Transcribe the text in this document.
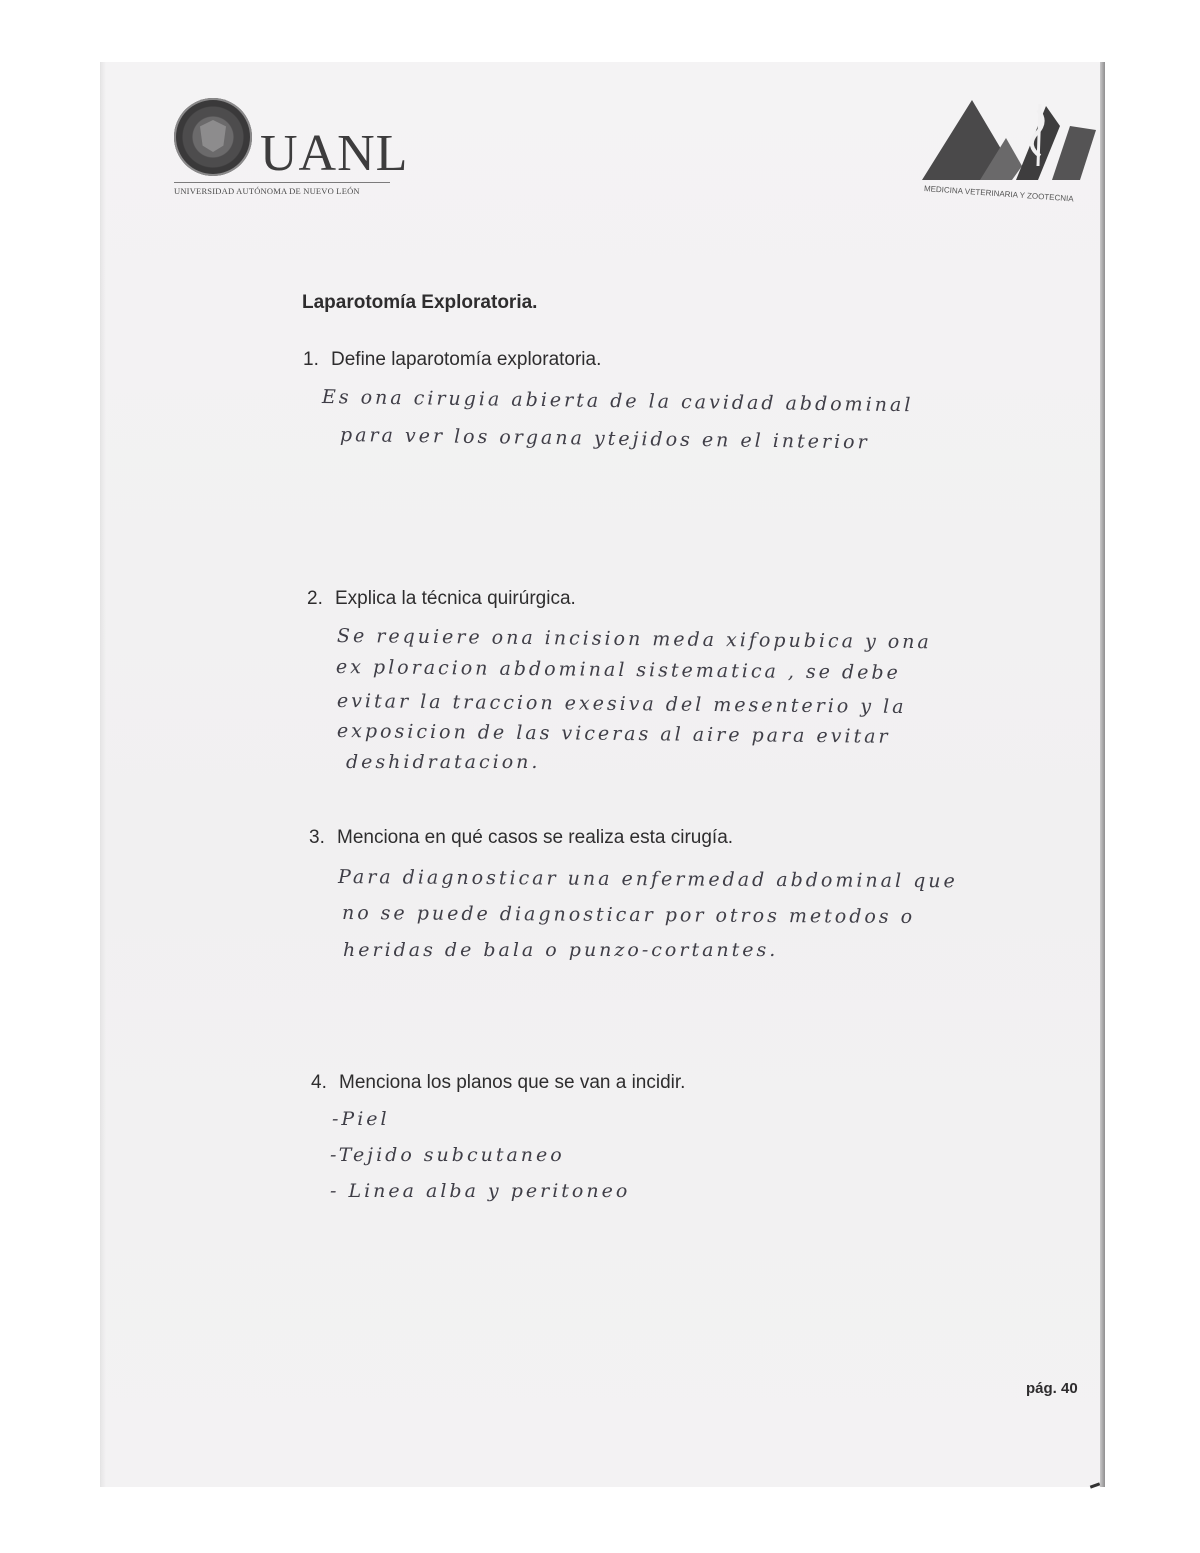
UANL
UNIVERSIDAD AUTÓNOMA DE NUEVO LEÓN	MEDICINA VETERINARIA Y ZOOTECNIA
Laparotomía Exploratoria.
1. Define laparotomía exploratoria.
Es ona cirugia abierta de la cavidad abdominal
para ver los organa ytejidos en el interior
2. Explica la técnica quirúrgica.
Se requiere ona incision meda xifopubica y ona
ex ploracion abdominal sistematica , se debe
evitar la traccion exesiva del mesenterio y la
exposicion de las viceras al aire para evitar
deshidratacion.
3. Menciona en qué casos se realiza esta cirugía.
Para diagnosticar una enfermedad abdominal que
no se puede diagnosticar por otros metodos o
heridas de bala o punzo-cortantes.
4. Menciona los planos que se van a incidir.
-Piel
-Tejido subcutaneo
- Linea alba y peritoneo
pág. 40
